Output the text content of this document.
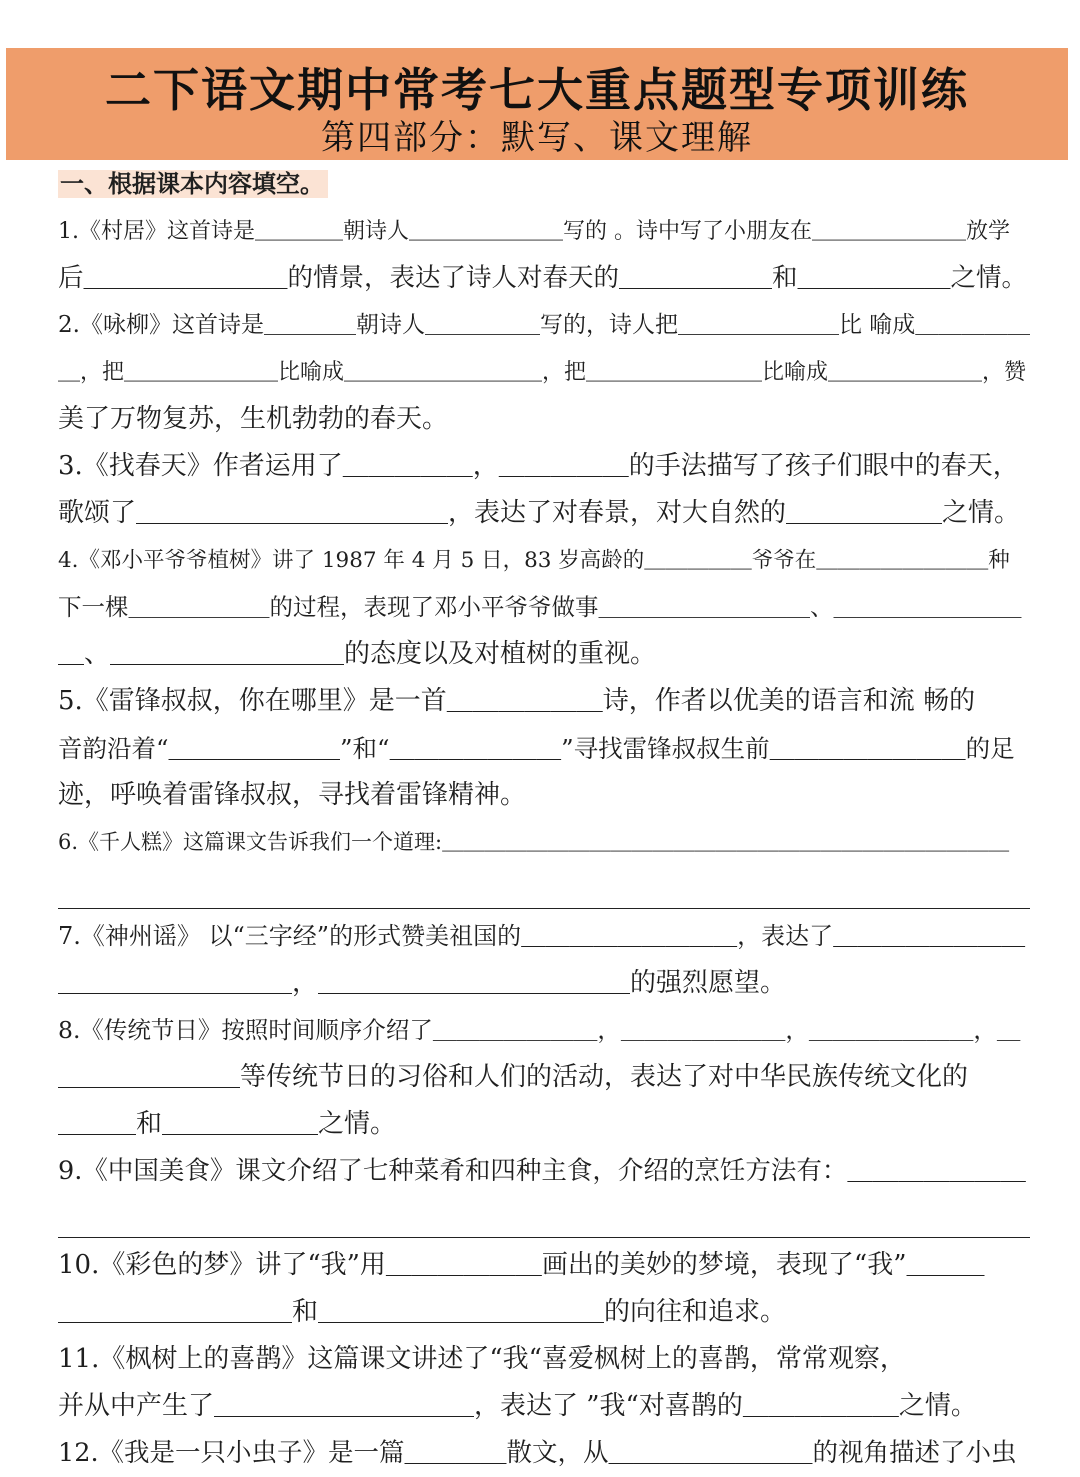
二下语文期中常考七大重点题型专项训练
第四部分：默写、课文理解
一、根据课本内容填空。
1.《村居》这首诗是＿＿＿＿朝诗人＿＿＿＿＿＿＿写的 。诗中写了小朋友在＿＿＿＿＿＿＿放学
后＿＿＿＿＿＿＿＿的情景，表达了诗人对春天的＿＿＿＿＿＿和＿＿＿＿＿＿之情。
2.《咏柳》这首诗是＿＿＿＿朝诗人＿＿＿＿＿写的，诗人把＿＿＿＿＿＿＿比 喻成＿＿＿＿＿
＿，把＿＿＿＿＿＿＿比喻成＿＿＿＿＿＿＿＿＿，把＿＿＿＿＿＿＿＿比喻成＿＿＿＿＿＿＿，赞
美了万物复苏，生机勃勃的春天。
3.《找春天》作者运用了＿＿＿＿＿，＿＿＿＿＿的手法描写了孩子们眼中的春天，
歌颂了＿＿＿＿＿＿＿＿＿＿＿＿，表达了对春景，对大自然的＿＿＿＿＿＿之情。
4.《邓小平爷爷植树》讲了 1987 年 4 月 5 日，83 岁高龄的＿＿＿＿＿爷爷在＿＿＿＿＿＿＿＿种
下一棵＿＿＿＿＿＿的过程，表现了邓小平爷爷做事＿＿＿＿＿＿＿＿＿、＿＿＿＿＿＿＿＿
＿、＿＿＿＿＿＿＿＿＿的态度以及对植树的重视。
5.《雷锋叔叔，你在哪里》是一首＿＿＿＿＿＿诗，作者以优美的语言和流 畅的
音韵沿着“＿＿＿＿＿＿＿”和“＿＿＿＿＿＿＿”寻找雷锋叔叔生前＿＿＿＿＿＿＿＿的足
迹，呼唤着雷锋叔叔，寻找着雷锋精神。
6.《千人糕》这篇课文告诉我们一个道理:＿＿＿＿＿＿＿＿＿＿＿＿＿＿＿＿＿＿＿＿＿＿＿＿＿＿＿
7.《神州谣》 以“三字经”的形式赞美祖国的＿＿＿＿＿＿＿＿＿，表达了＿＿＿＿＿＿＿＿
＿＿＿＿＿＿＿＿＿，＿＿＿＿＿＿＿＿＿＿＿＿的强烈愿望。
8.《传统节日》按照时间顺序介绍了＿＿＿＿＿＿＿，＿＿＿＿＿＿＿，＿＿＿＿＿＿＿，＿
＿＿＿＿＿＿＿等传统节日的习俗和人们的活动，表达了对中华民族传统文化的
＿＿＿和＿＿＿＿＿＿之情。
9.《中国美食》课文介绍了七种菜肴和四种主食，介绍的烹饪方法有：＿＿＿＿＿＿＿
10.《彩色的梦》讲了“我”用＿＿＿＿＿＿画出的美妙的梦境，表现了“我”＿＿＿
＿＿＿＿＿＿＿＿＿和＿＿＿＿＿＿＿＿＿＿＿的向往和追求。
11.《枫树上的喜鹊》这篇课文讲述了“我“喜爱枫树上的喜鹊，常常观察，
并从中产生了＿＿＿＿＿＿＿＿＿＿，表达了 ”我“对喜鹊的＿＿＿＿＿＿之情。
12.《我是一只小虫子》是一篇＿＿＿＿散文，从＿＿＿＿＿＿＿＿的视角描述了小虫
